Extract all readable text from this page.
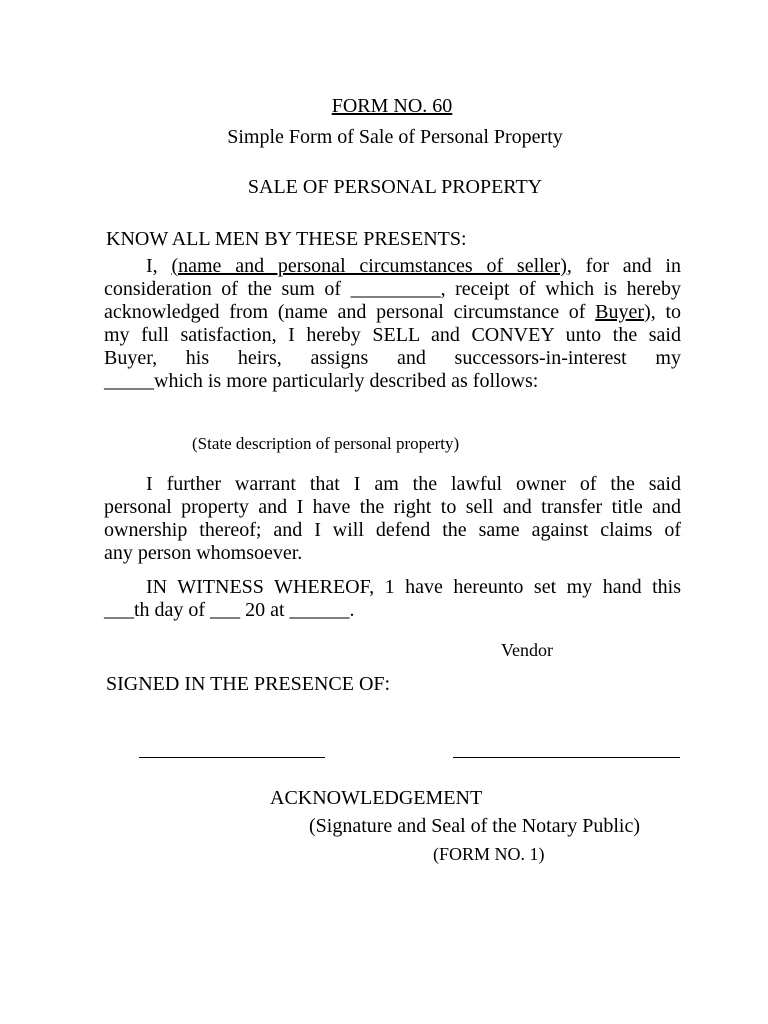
FORM NO. 60
Simple Form of Sale of Personal Property
SALE OF PERSONAL PROPERTY
KNOW ALL MEN BY THESE PRESENTS:
I, (name and personal circumstances of seller), for and in
consideration of the sum of _________, receipt of which is hereby
acknowledged from (name and personal circumstance of Buyer), to
my full satisfaction, I hereby SELL and CONVEY unto the said
Buyer, his heirs, assigns and successors-in-interest my
_____which is more particularly described as follows:
(State description of personal property)
I further warrant that I am the lawful owner of the said
personal property and I have the right to sell and transfer title and
ownership thereof; and I will defend the same against claims of
any person whomsoever.
IN WITNESS WHEREOF, 1 have hereunto set my hand this
___th day of ___ 20 at ______.
Vendor
SIGNED IN THE PRESENCE OF:
ACKNOWLEDGEMENT
(Signature and Seal of the Notary Public)
(FORM NO. 1)
